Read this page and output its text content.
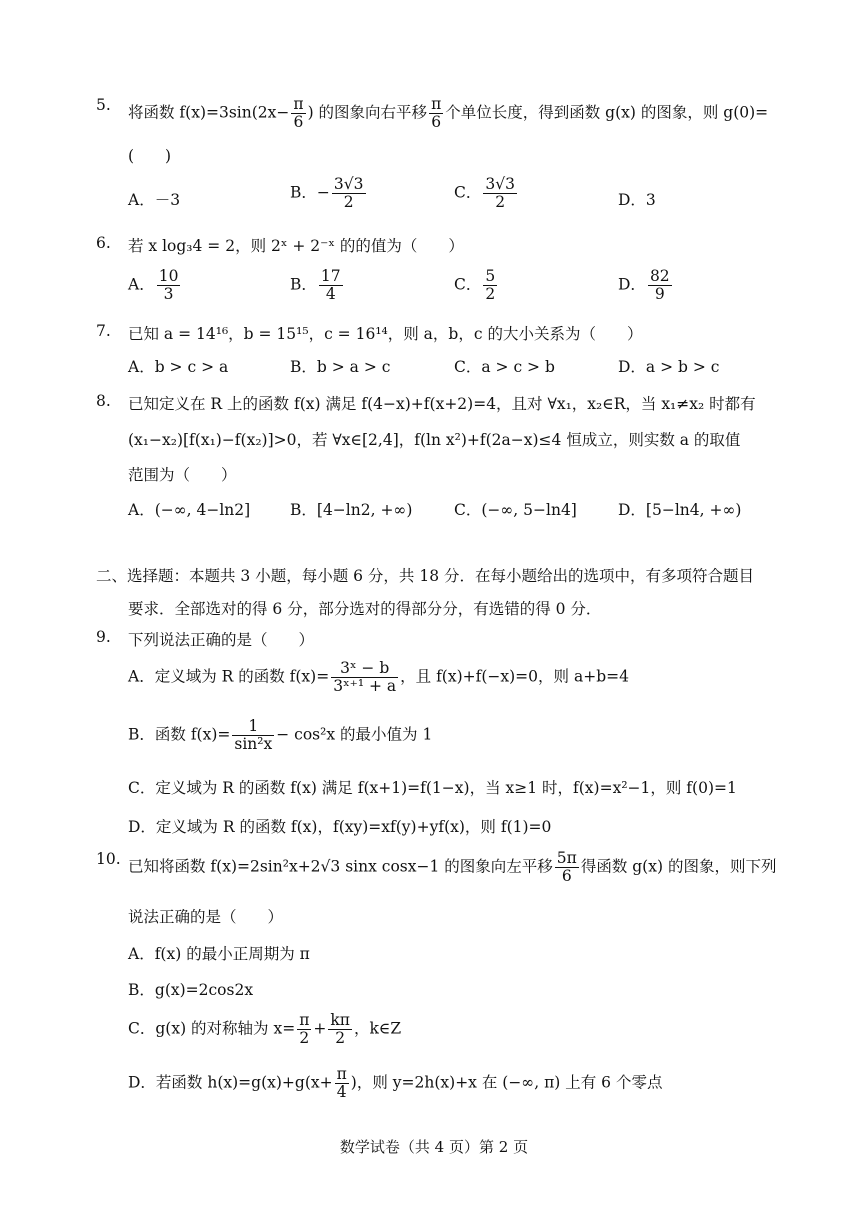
5. 将函数 $f(x)=3\sin(2x- \frac{\pi}{6}$ ) 的图象向右平移 $\frac{\pi}{6}$ 个单位长度，得到函数 g(x) 的图象，则 g(0)=
(　　)
A．－3	B．− $\frac{3√3}{2}$	C． $\frac{3√3}{2}$	D．3
6. 若 x log₃4 = 2，则 2ˣ + 2⁻ˣ 的的值为（　　）
A． $\frac{10}{3}$	B． $\frac{17}{4}$	C． $\frac{5}{2}$	D． $\frac{82}{9}$
7. 已知 a = 14¹⁶，b = 15¹⁵，c = 16¹⁴，则 a，b，c 的大小关系为（　　）
A．b > c > a	B．b > a > c	C．a > c > b	D．a > b > c
8. 已知定义在 R 上的函数 f(x) 满足 f(4−x)+f(x+2)=4，且对 ∀x₁，x₂∈R，当 x₁≠x₂ 时都有
(x₁−x₂)[f(x₁)−f(x₂)]>0，若 ∀x∈[2,4]，f(ln x²)+f(2a−x)≤4 恒成立，则实数 a 的取值
范围为（　　）
A．(−∞, 4−ln2]	B．[4−ln2, +∞)	C．(−∞, 5−ln4]	D．[5−ln4, +∞)
二、选择题：本题共 3 小题，每小题 6 分，共 18 分．在每小题给出的选项中，有多项符合题目
要求．全部选对的得 6 分，部分选对的得部分分，有选错的得 0 分．
9. 下列说法正确的是（　　）
A．定义域为 R 的函数 $f(x)= \frac{\text{3ˣ − b}}{\text{3ˣ⁺¹ + a}}$ ，且 f(x)+f(−x)=0，则 a+b=4
B．函数 $f(x)= \frac{1}{\text{sin²x}} - \cos^2x$ 的最小值为 1
C．定义域为 R 的函数 f(x) 满足 f(x+1)=f(1−x)，当 x≥1 时，f(x)=x²−1，则 f(0)=1
D．定义域为 R 的函数 f(x)，f(xy)=xf(y)+yf(x)，则 f(1)=0
10. 已知将函数 f(x)=2sin²x+2√3 sinx cosx−1 的图象向左平移 $\frac{5\pi}{6}$ 得函数 g(x) 的图象，则下列
说法正确的是（　　）
A．f(x) 的最小正周期为 π
B．g(x)=2cos2x
C．g(x) 的对称轴为 $x= \frac{\pi}{2} + \frac{k\pi}{2}$ ，k∈Z
D．若函数 $h(x)=g(x)+g(x+ \frac{\pi}{4}$ )，则 y=2h(x)+x 在 (−∞, π) 上有 6 个零点
数学试卷（共 4 页）第 2 页
